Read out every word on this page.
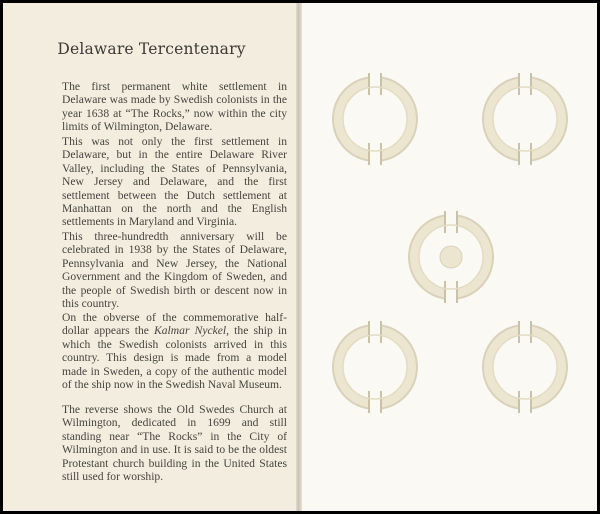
Delaware Tercentenary

The first permanent white settlement in Delaware was made by Swedish colonists in the year 1638 at “The Rocks,” now within the city limits of Wilmington, Delaware.

This was not only the first settlement in Delaware, but in the entire Delaware River Valley, including the States of Pennsylvania, New Jersey and Delaware, and the first settlement between the Dutch settlement at Manhattan on the north and the English settlements in Maryland and Virginia.

This three-hundredth anniversary will be celebrated in 1938 by the States of Delaware, Pennsylvania and New Jersey, the National Government and the Kingdom of Sweden, and the people of Swedish birth or descent now in this country.

On the obverse of the commemorative half-dollar appears the Kalmar Nyckel, the ship in which the Swedish colonists arrived in this country. This design is made from a model made in Sweden, a copy of the authentic model of the ship now in the Swedish Naval Museum.

The reverse shows the Old Swedes Church at Wilmington, dedicated in 1699 and still standing near “The Rocks” in the City of Wilmington and in use. It is said to be the oldest Protestant church building in the United States still used for worship.
